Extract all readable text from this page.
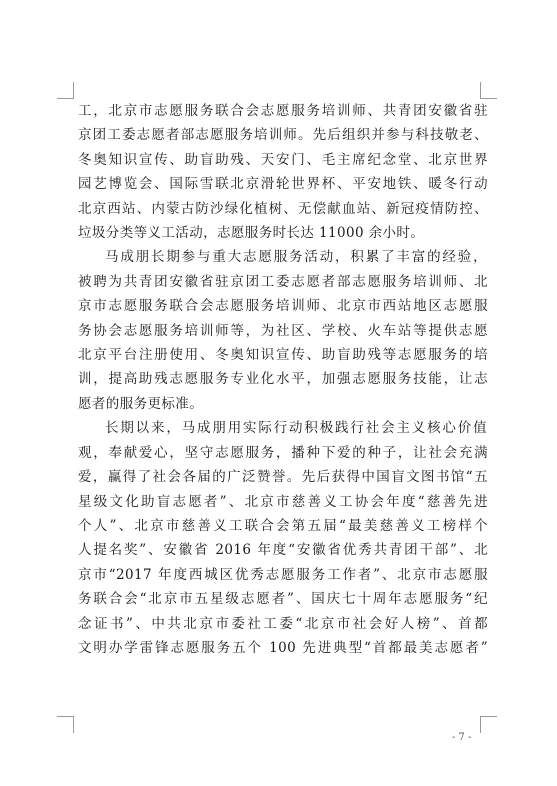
工，北京市志愿服务联合会志愿服务培训师、共青团安徽省驻
京团工委志愿者部志愿服务培训师。先后组织并参与科技敬老、
冬奥知识宣传、助盲助残、天安门、毛主席纪念堂、北京世界
园艺博览会、国际雪联北京滑轮世界杯、平安地铁、暖冬行动
北京西站、内蒙古防沙绿化植树、无偿献血站、新冠疫情防控、
垃圾分类等义工活动，志愿服务时长达 11000 余小时。

马成朋长期参与重大志愿服务活动，积累了丰富的经验，
被聘为共青团安徽省驻京团工委志愿者部志愿服务培训师、北
京市志愿服务联合会志愿服务培训师、北京市西站地区志愿服
务协会志愿服务培训师等，为社区、学校、火车站等提供志愿
北京平台注册使用、冬奥知识宣传、助盲助残等志愿服务的培
训，提高助残志愿服务专业化水平，加强志愿服务技能，让志
愿者的服务更标准。

长期以来，马成朋用实际行动积极践行社会主义核心价值
观，奉献爱心，坚守志愿服务，播种下爱的种子，让社会充满
爱，赢得了社会各届的广泛赞誉。先后获得中国盲文图书馆“五
星级文化助盲志愿者”、北京市慈善义工协会年度“慈善先进
个人”、北京市慈善义工联合会第五届“最美慈善义工榜样个
人提名奖”、安徽省 2016 年度“安徽省优秀共青团干部”、北
京市“2017 年度西城区优秀志愿服务工作者”、北京市志愿服
务联合会“北京市五星级志愿者”、国庆七十周年志愿服务“纪
念证书”、中共北京市委社工委“北京市社会好人榜”、首都
文明办学雷锋志愿服务五个 100 先进典型“首都最美志愿者”

- 7 -
